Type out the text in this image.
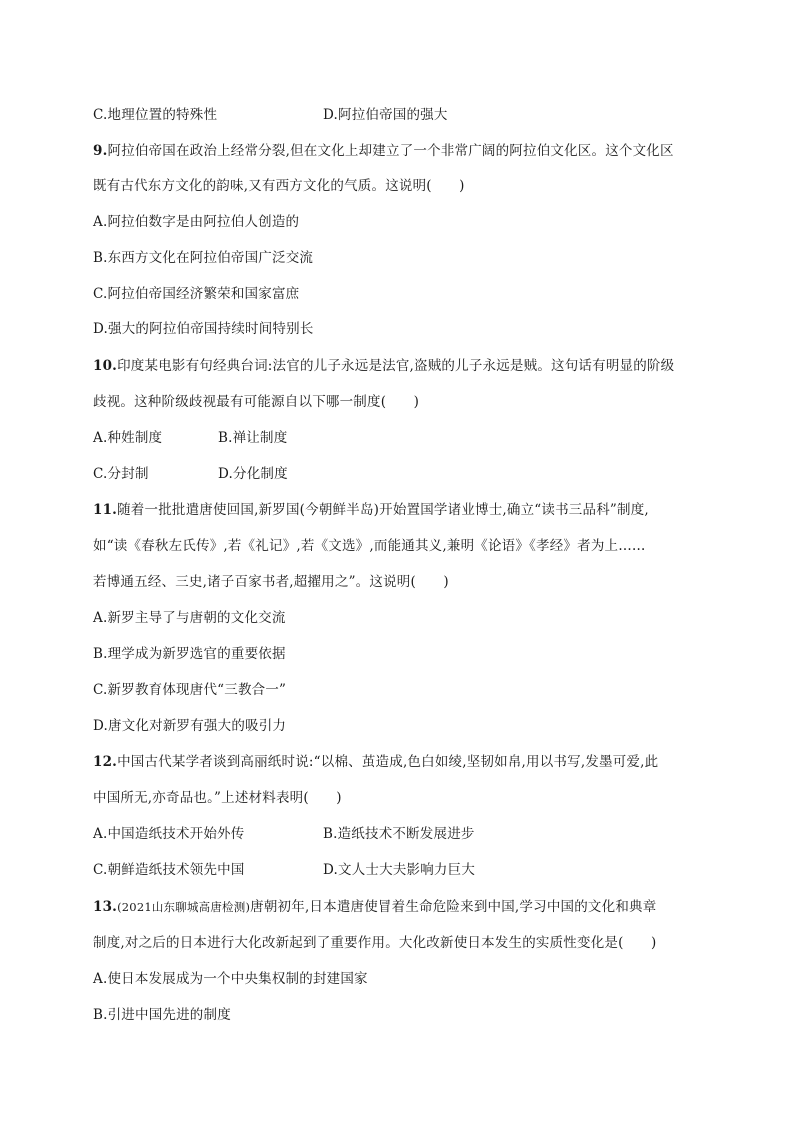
C.地理位置的特殊性	D.阿拉伯帝国的强大
9.阿拉伯帝国在政治上经常分裂,但在文化上却建立了一个非常广阔的阿拉伯文化区。这个文化区
既有古代东方文化的韵味,又有西方文化的气质。这说明(　　)
A.阿拉伯数字是由阿拉伯人创造的
B.东西方文化在阿拉伯帝国广泛交流
C.阿拉伯帝国经济繁荣和国家富庶
D.强大的阿拉伯帝国持续时间特别长
10.印度某电影有句经典台词:法官的儿子永远是法官,盗贼的儿子永远是贼。这句话有明显的阶级
歧视。这种阶级歧视最有可能源自以下哪一制度(　　)
A.种姓制度	B.禅让制度
C.分封制	D.分化制度
11.随着一批批遣唐使回国,新罗国(今朝鲜半岛)开始置国学诸业博士,确立“读书三品科”制度,
如“读《春秋左氏传》,若《礼记》,若《文选》,而能通其义,兼明《论语》《孝经》者为上……
若博通五经、三史,诸子百家书者,超擢用之”。这说明(　　)
A.新罗主导了与唐朝的文化交流
B.理学成为新罗选官的重要依据
C.新罗教育体现唐代“三教合一”
D.唐文化对新罗有强大的吸引力
12.中国古代某学者谈到高丽纸时说:“以棉、茧造成,色白如绫,坚韧如帛,用以书写,发墨可爱,此
中国所无,亦奇品也。”上述材料表明(　　)
A.中国造纸技术开始外传	B.造纸技术不断发展进步
C.朝鲜造纸技术领先中国	D.文人士大夫影响力巨大
13.(2021山东聊城高唐检测)唐朝初年,日本遣唐使冒着生命危险来到中国,学习中国的文化和典章
制度,对之后的日本进行大化改新起到了重要作用。大化改新使日本发生的实质性变化是(　　)
A.使日本发展成为一个中央集权制的封建国家
B.引进中国先进的制度
